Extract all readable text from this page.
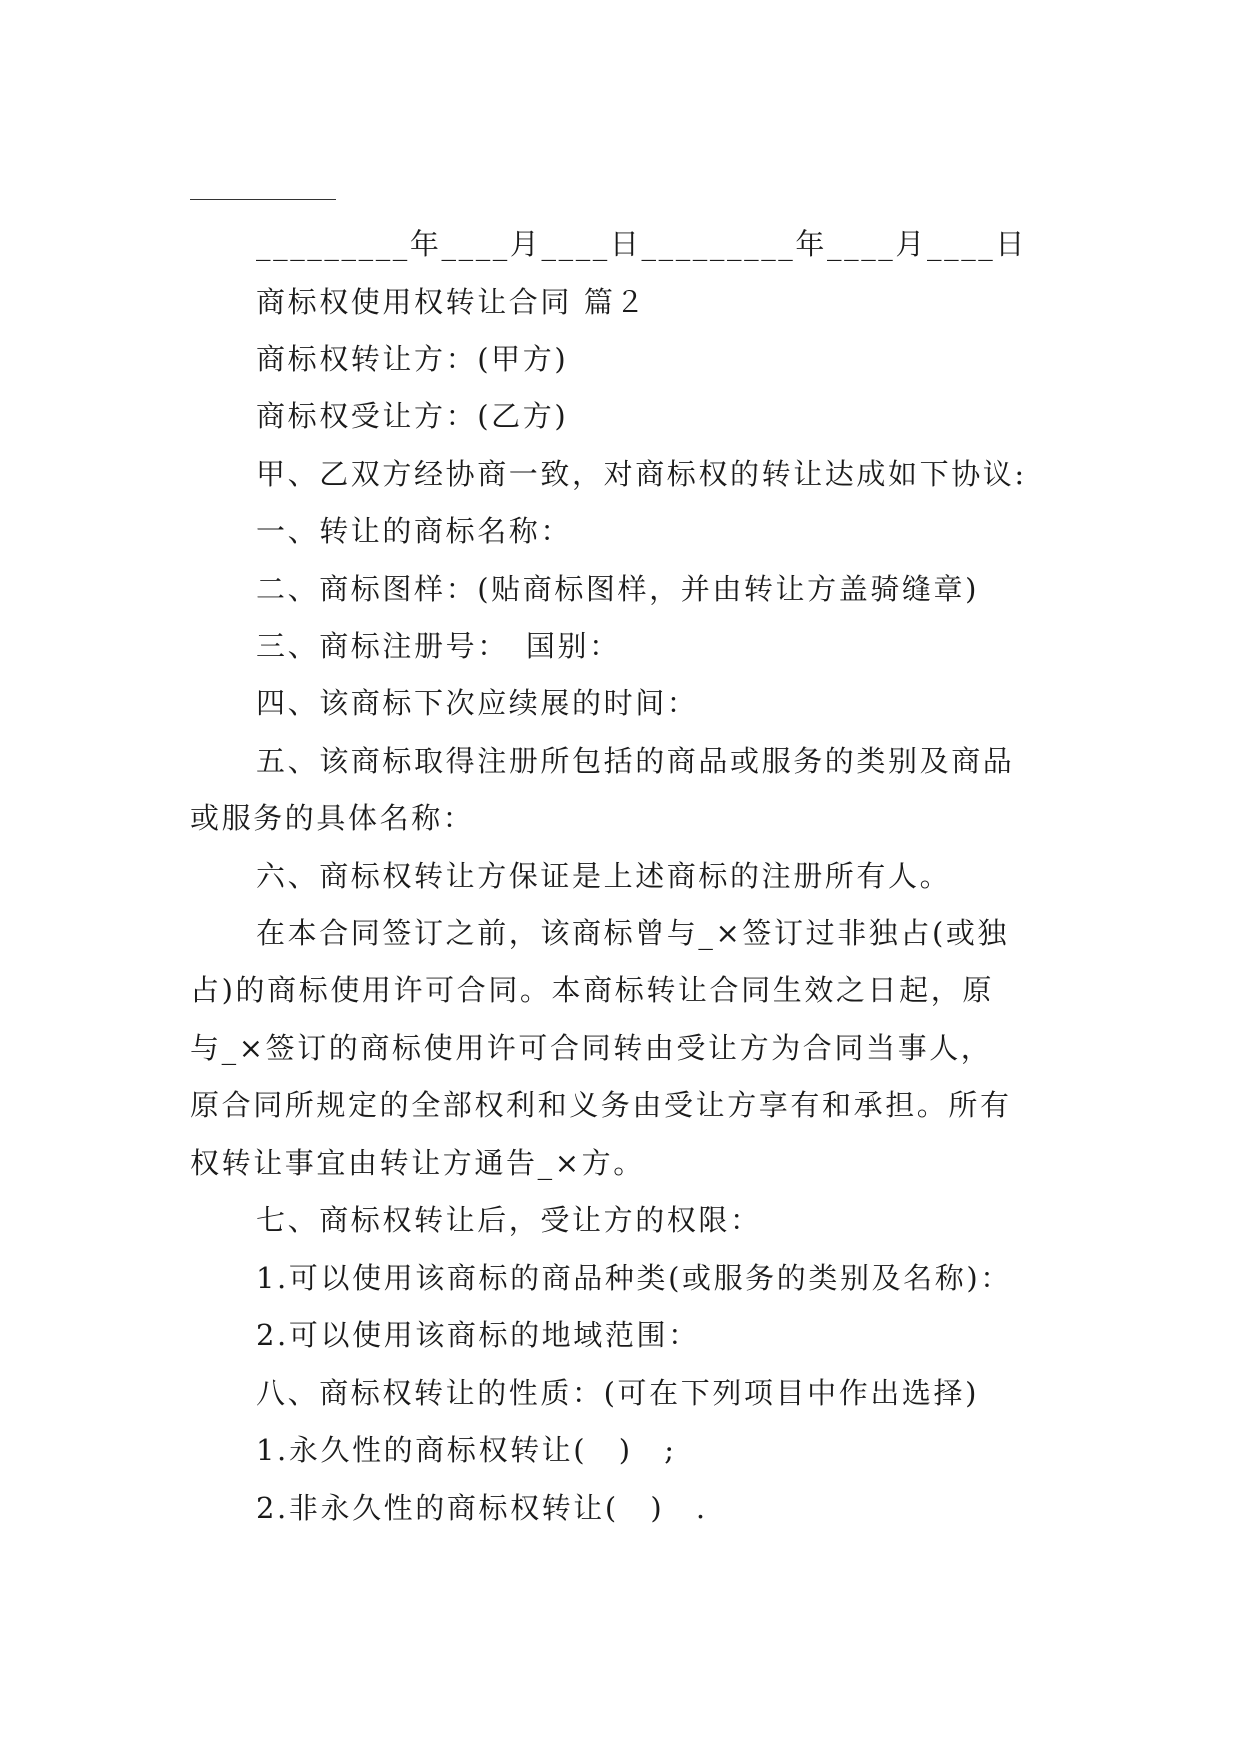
_________年____月____日_________年____月____日
商标权使用权转让合同 篇２
商标权转让方：(甲方)
商标权受让方：(乙方)
甲、乙双方经协商一致，对商标权的转让达成如下协议:
一、转让的商标名称：
二、商标图样：(贴商标图样，并由转让方盖骑缝章)
三、商标注册号：　国别：
四、该商标下次应续展的时间：
五、该商标取得注册所包括的商品或服务的类别及商品
或服务的具体名称：
六、商标权转让方保证是上述商标的注册所有人。
在本合同签订之前，该商标曾与_×签订过非独占(或独
占)的商标使用许可合同。本商标转让合同生效之日起，原
与_×签订的商标使用许可合同转由受让方为合同当事人，
原合同所规定的全部权利和义务由受让方享有和承担。所有
权转让事宜由转让方通告_×方。
七、商标权转让后，受让方的权限：
1.可以使用该商标的商品种类(或服务的类别及名称)：
2.可以使用该商标的地域范围：
八、商标权转让的性质：(可在下列项目中作出选择)
1.永久性的商标权转让(　)　;
2.非永久性的商标权转让(　)　.
